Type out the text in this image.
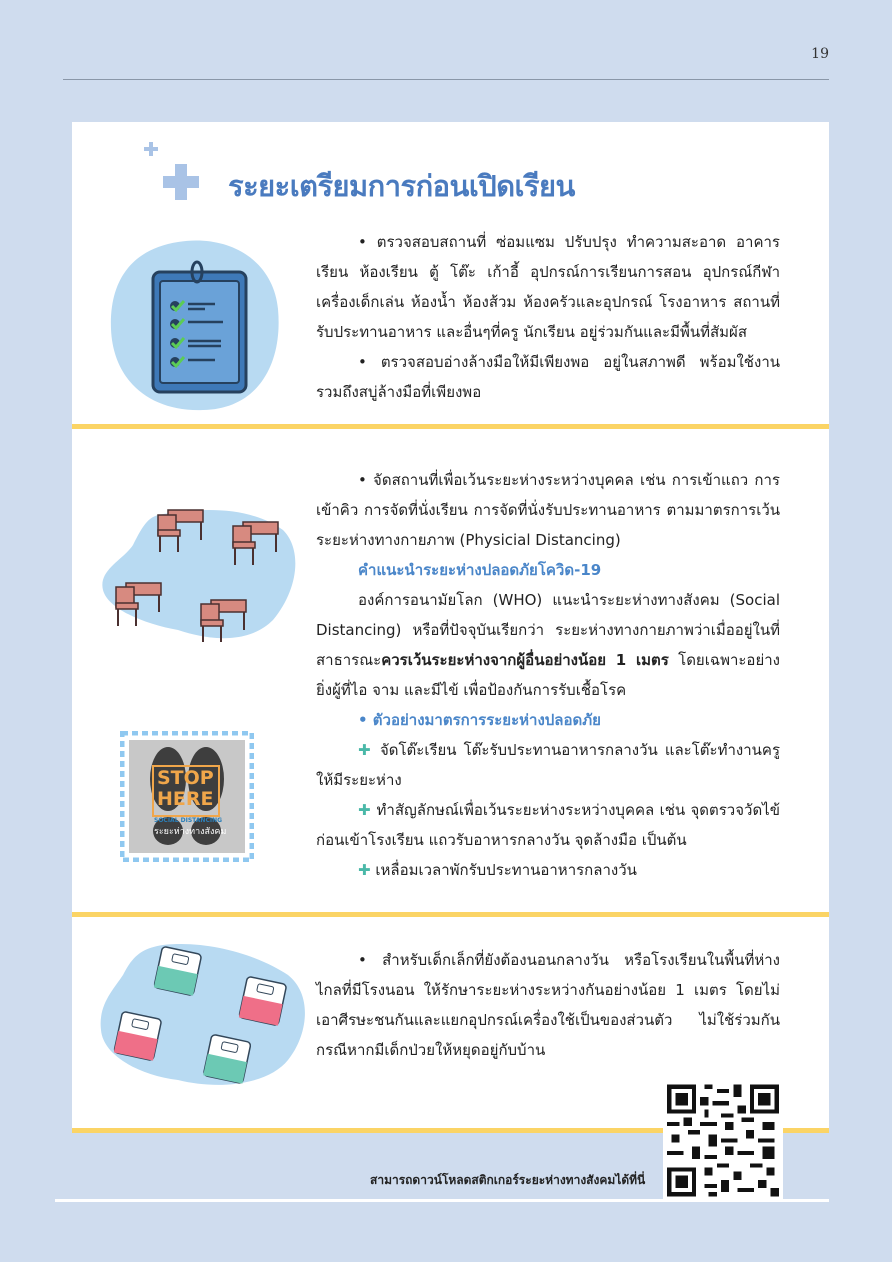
19
ระยะเตรียมการก่อนเปิดเรียน

• ตรวจสอบสถานที่ ซ่อมแซม ปรับปรุง ทำความสะอาด อาคารเรียน ห้องเรียน ตู้ โต๊ะ เก้าอี้ อุปกรณ์การเรียนการสอน อุปกรณ์กีฬา เครื่องเด็กเล่น ห้องน้ำ ห้องส้วม ห้องครัวและอุปกรณ์ โรงอาหาร สถานที่รับประทานอาหาร และอื่นๆที่ครู นักเรียน อยู่ร่วมกันและมีพื้นที่สัมผัส

• ตรวจสอบอ่างล้างมือให้มีเพียงพอ อยู่ในสภาพดี พร้อมใช้งาน รวมถึงสบู่ล้างมือที่เพียงพอ

• จัดสถานที่เพื่อเว้นระยะห่างระหว่างบุคคล เช่น การเข้าแถว การเข้าคิว การจัดที่นั่งเรียน การจัดที่นั่งรับประทานอาหาร ตามมาตรการเว้นระยะห่างทางกายภาพ (Physicial Distancing)

คำแนะนำระยะห่างปลอดภัยโควิด-19

องค์การอนามัยโลก (WHO) แนะนำระยะห่างทางสังคม (Social Distancing) หรือที่ปัจจุบันเรียกว่า ระยะห่างทางกายภาพว่าเมื่ออยู่ในที่สาธารณะควรเว้นระยะห่างจากผู้อื่นอย่างน้อย 1 เมตร โดยเฉพาะอย่างยิ่งผู้ที่ไอ จาม และมีไข้ เพื่อป้องกันการรับเชื้อโรค

• ตัวอย่างมาตรการระยะห่างปลอดภัย

✚ จัดโต๊ะเรียน โต๊ะรับประทานอาหารกลางวัน และโต๊ะทำงานครูให้มีระยะห่าง

✚ ทำสัญลักษณ์เพื่อเว้นระยะห่างระหว่างบุคคล เช่น จุดตรวจวัดไข้ก่อนเข้าโรงเรียน แถวรับอาหารกลางวัน จุดล้างมือ เป็นต้น

✚ เหลื่อมเวลาพักรับประทานอาหารกลางวัน

STOP
HERE
SOCIAL DISTANCING
ระยะห่างทางสังคม

• สำหรับเด็กเล็กที่ยังต้องนอนกลางวัน หรือโรงเรียนในพื้นที่ห่างไกลที่มีโรงนอน ให้รักษาระยะห่างระหว่างกันอย่างน้อย 1 เมตร โดยไม่เอาศีรษะชนกันและแยกอุปกรณ์เครื่องใช้เป็นของส่วนตัว ไม่ใช้ร่วมกัน กรณีหากมีเด็กป่วยให้หยุดอยู่กับบ้าน

สามารถดาวน์โหลดสติกเกอร์ระยะห่างทางสังคมได้ที่นี่
